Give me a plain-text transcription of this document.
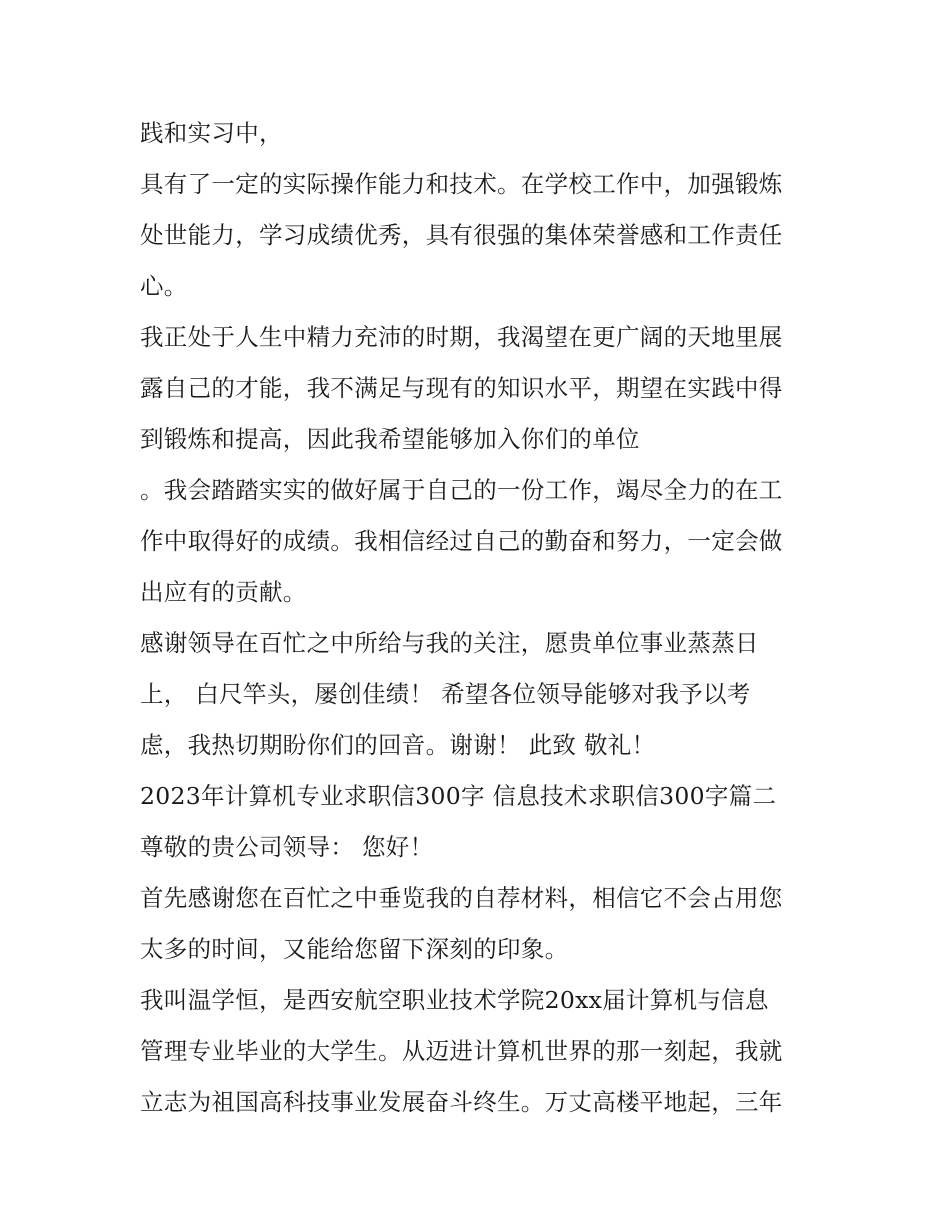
践和实习中，

具有了一定的实际操作能力和技术。在学校工作中，加强锻炼

处世能力，学习成绩优秀，具有很强的集体荣誉感和工作责任

心。

我正处于人生中精力充沛的时期，我渴望在更广阔的天地里展

露自己的才能，我不满足与现有的知识水平，期望在实践中得

到锻炼和提高，因此我希望能够加入你们的单位

。我会踏踏实实的做好属于自己的一份工作，竭尽全力的在工

作中取得好的成绩。我相信经过自己的勤奋和努力，一定会做

出应有的贡献。

感谢领导在百忙之中所给与我的关注，愿贵单位事业蒸蒸日

上， 白尺竿头，屡创佳绩！ 希望各位领导能够对我予以考

虑，我热切期盼你们的回音。谢谢！ 此致 敬礼！

2023年计算机专业求职信300字 信息技术求职信300字篇二

尊敬的贵公司领导： 您好！

首先感谢您在百忙之中垂览我的自荐材料，相信它不会占用您

太多的时间，又能给您留下深刻的印象。

我叫温学恒，是西安航空职业技术学院20xx届计算机与信息

管理专业毕业的大学生。从迈进计算机世界的那一刻起，我就

立志为祖国高科技事业发展奋斗终生。万丈高楼平地起，三年
